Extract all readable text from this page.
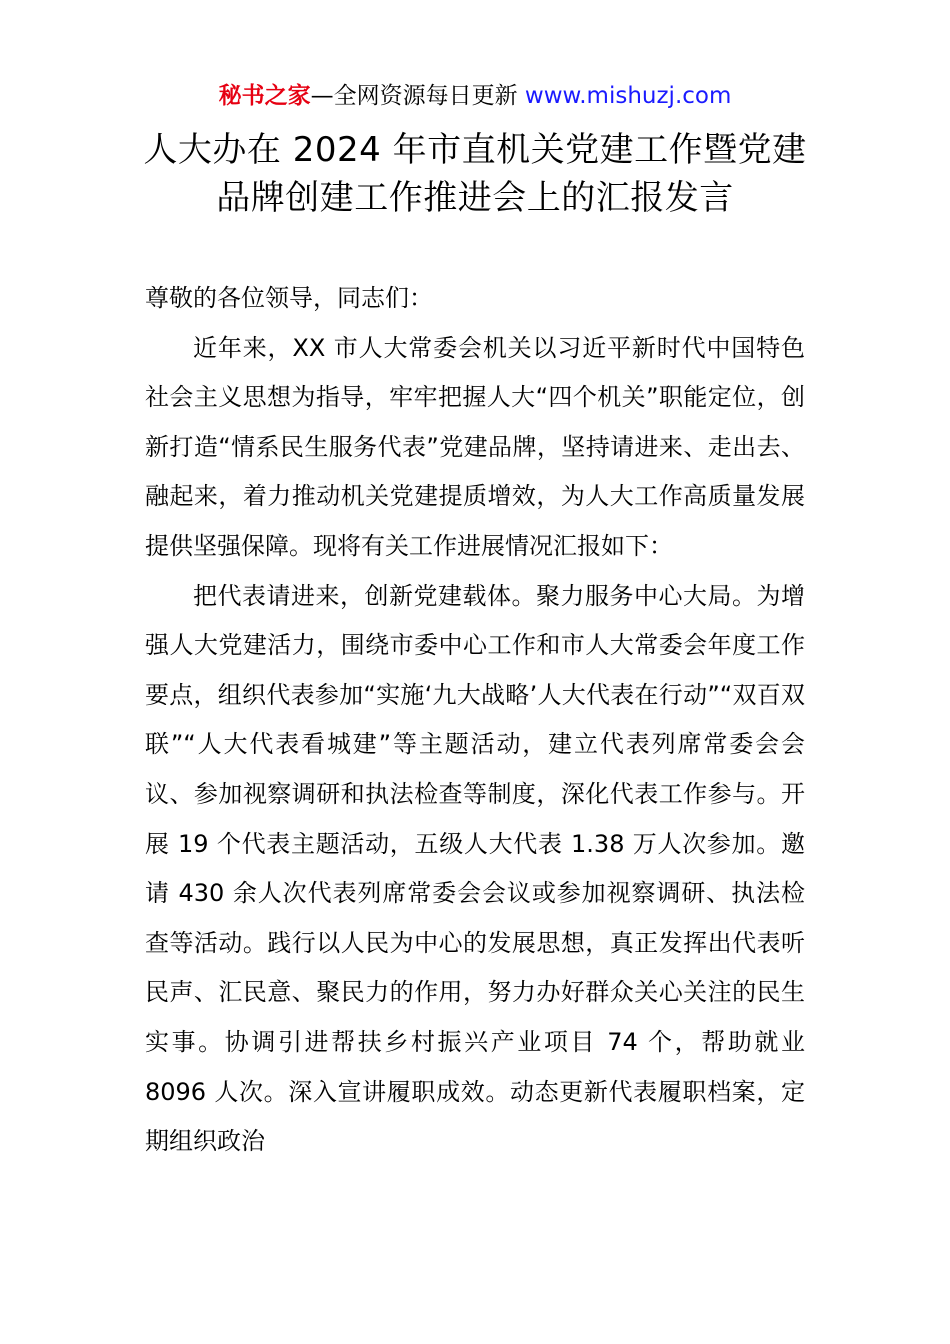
秘书之家—全网资源每日更新 www.mishuzj.com
人大办在 2024 年市直机关党建工作暨党建
品牌创建工作推进会上的汇报发言

尊敬的各位领导，同志们：

近年来，XX 市人大常委会机关以习近平新时代中国特色社会主义思想为指导，牢牢把握人大“四个机关”职能定位，创新打造“情系民生服务代表”党建品牌，坚持请进来、走出去、融起来，着力推动机关党建提质增效，为人大工作高质量发展提供坚强保障。现将有关工作进展情况汇报如下：

把代表请进来，创新党建载体。聚力服务中心大局。为增强人大党建活力，围绕市委中心工作和市人大常委会年度工作要点，组织代表参加“实施‘九大战略’人大代表在行动”“双百双联”“人大代表看城建”等主题活动，建立代表列席常委会会议、参加视察调研和执法检查等制度，深化代表工作参与。开展 19 个代表主题活动，五级人大代表 1.38 万人次参加。邀请 430 余人次代表列席常委会会议或参加视察调研、执法检查等活动。践行以人民为中心的发展思想，真正发挥出代表听民声、汇民意、聚民力的作用，努力办好群众关心关注的民生实事。协调引进帮扶乡村振兴产业项目 74 个，帮助就业 8096 人次。深入宣讲履职成效。动态更新代表履职档案，定期组织政治
